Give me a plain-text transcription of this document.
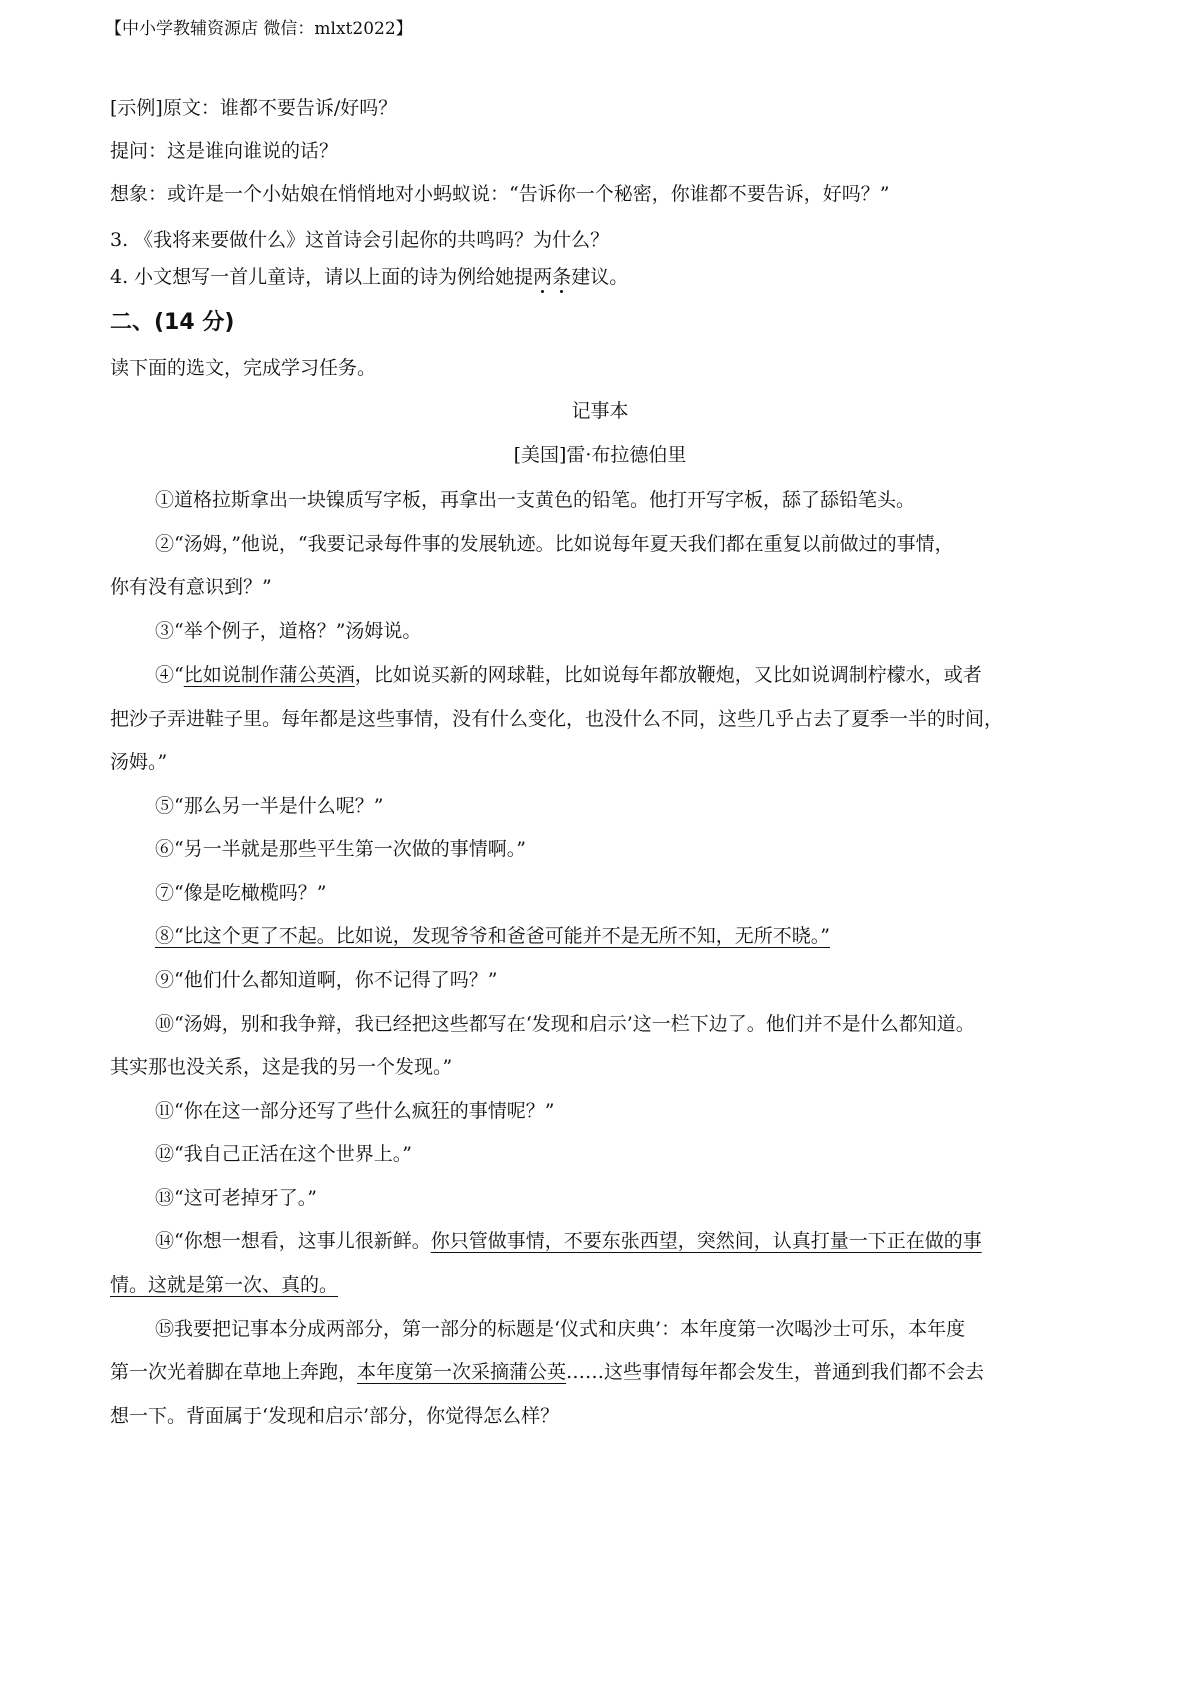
【中小学教辅资源店 微信：mlxt2022】
[示例]原文：谁都不要告诉/好吗？
提问：这是谁向谁说的话？
想象：或许是一个小姑娘在悄悄地对小蚂蚁说：“告诉你一个秘密，你谁都不要告诉，好吗？”
3. 《我将来要做什么》这首诗会引起你的共鸣吗？为什么？
4. 小文想写一首儿童诗，请以上面的诗为例给她提两条建议。
二、(14 分)
读下面的选文，完成学习任务。
记事本
[美国]雷·布拉德伯里
①道格拉斯拿出一块镍质写字板，再拿出一支黄色的铅笔。他打开写字板，舔了舔铅笔头。
②“汤姆，”他说，“我要记录每件事的发展轨迹。比如说每年夏天我们都在重复以前做过的事情，
你有没有意识到？”
③“举个例子，道格？”汤姆说。
④“比如说制作蒲公英酒，比如说买新的网球鞋，比如说每年都放鞭炮，又比如说调制柠檬水，或者
把沙子弄进鞋子里。每年都是这些事情，没有什么变化，也没什么不同，这些几乎占去了夏季一半的时间，
汤姆。”
⑤“那么另一半是什么呢？”
⑥“另一半就是那些平生第一次做的事情啊。”
⑦“像是吃橄榄吗？”
⑧“比这个更了不起。比如说，发现爷爷和爸爸可能并不是无所不知，无所不晓。”
⑨“他们什么都知道啊，你不记得了吗？”
⑩“汤姆，别和我争辩，我已经把这些都写在‘发现和启示’这一栏下边了。他们并不是什么都知道。
其实那也没关系，这是我的另一个发现。”
⑪“你在这一部分还写了些什么疯狂的事情呢？”
⑫“我自己正活在这个世界上。”
⑬“这可老掉牙了。”
⑭“你想一想看，这事儿很新鲜。你只管做事情，不要东张西望，突然间，认真打量一下正在做的事
情。这就是第一次、真的。
⑮我要把记事本分成两部分，第一部分的标题是‘仪式和庆典’：本年度第一次喝沙士可乐，本年度
第一次光着脚在草地上奔跑，本年度第一次采摘蒲公英……这些事情每年都会发生，普通到我们都不会去
想一下。背面属于‘发现和启示’部分，你觉得怎么样？
